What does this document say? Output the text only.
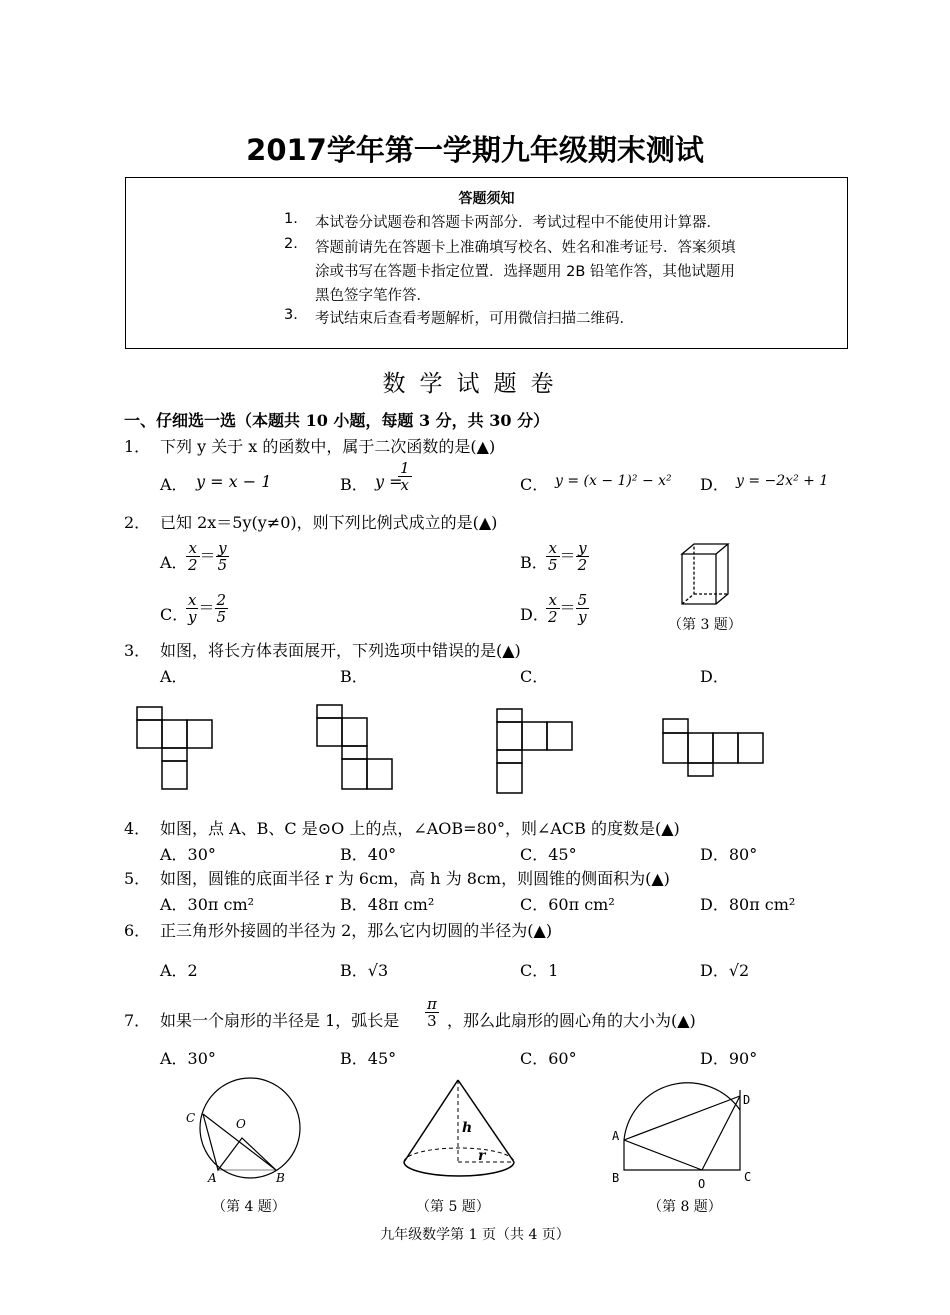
2017学年第一学期九年级期末测试
答题须知
1. 本试卷分试题卷和答题卡两部分．考试过程中不能使用计算器．
2. 答题前请先在答题卡上准确填写校名、姓名和准考证号．答案须填
涂或书写在答题卡指定位置．选择题用 2B 铅笔作答，其他试题用
黑色签字笔作答．
3. 考试结束后查看考题解析，可用微信扫描二维码．
数学试题卷
一、仔细选一选（本题共 10 小题，每题 3 分，共 30 分）
1． 下列 y 关于 x 的函数中，属于二次函数的是(▲)
A． y = x − 1	B． y =
$\frac{1}{x}$	C． y = (x − 1)² − x² D． y = −2x² + 1
2． 已知 2x＝5y(y≠0)，则下列比例式成立的是(▲)
A．
$\frac{x}{2} = \frac{y}{5}$	B．
$\frac{x}{5} = \frac{y}{2}$
C．
$\frac{x}{y} = \frac{2}{5}$	D．
$\frac{x}{2} = \frac{5}{y}$	（第 3 题）
3． 如图，将长方体表面展开，下列选项中错误的是(▲)
A．	B．	C．	D．
4． 如图，点 A、B、C 是⊙O 上的点，∠AOB=80°，则∠ACB 的度数是(▲)
A．30°	B．40°	C．45°	D．80°
5． 如图，圆锥的底面半径 r 为 6cm，高 h 为 8cm，则圆锥的侧面积为(▲)
A．30π cm²	B．48π cm²	C．60π cm²	D．80π cm²
6． 正三角形外接圆的半径为 2，那么它内切圆的半径为(▲)
A．2	B．√3	C．1	D．√2
7． 如果一个扇形的半径是 1，弧长是 $\frac{\pi}{3}$ ，那么此扇形的圆心角的大小为(▲)
A．30°	B．45°	C．60°	D．90°
C	O
A	B
（第 4 题）
h
r
（第 5 题）
A
B	O	C
D
（第 8 题）
九年级数学第 1 页（共 4 页）
